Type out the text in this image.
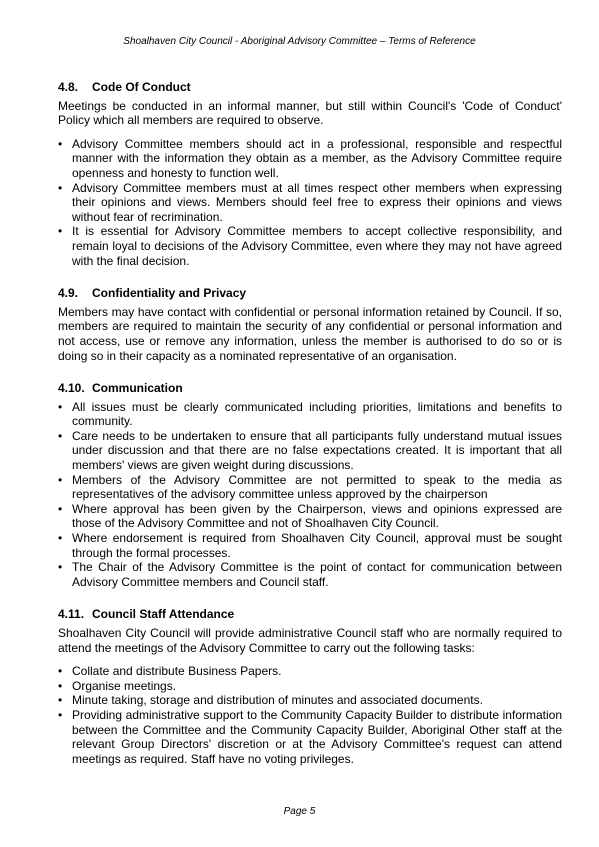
Shoalhaven City Council - Aboriginal Advisory Committee – Terms of Reference
4.8. Code Of Conduct

Meetings be conducted in an informal manner, but still within Council's 'Code of Conduct' Policy which all members are required to observe.

• Advisory Committee members should act in a professional, responsible and respectful manner with the information they obtain as a member, as the Advisory Committee require openness and honesty to function well.
• Advisory Committee members must at all times respect other members when expressing their opinions and views. Members should feel free to express their opinions and views without fear of recrimination.
• It is essential for Advisory Committee members to accept collective responsibility, and remain loyal to decisions of the Advisory Committee, even where they may not have agreed with the final decision.
4.9. Confidentiality and Privacy

Members may have contact with confidential or personal information retained by Council. If so, members are required to maintain the security of any confidential or personal information and not access, use or remove any information, unless the member is authorised to do so or is doing so in their capacity as a nominated representative of an organisation.

4.10. Communication
• All issues must be clearly communicated including priorities, limitations and benefits to community.
• Care needs to be undertaken to ensure that all participants fully understand mutual issues under discussion and that there are no false expectations created. It is important that all members' views are given weight during discussions.
• Members of the Advisory Committee are not permitted to speak to the media as representatives of the advisory committee unless approved by the chairperson
• Where approval has been given by the Chairperson, views and opinions expressed are those of the Advisory Committee and not of Shoalhaven City Council.
• Where endorsement is required from Shoalhaven City Council, approval must be sought through the formal processes.
• The Chair of the Advisory Committee is the point of contact for communication between Advisory Committee members and Council staff.
4.11. Council Staff Attendance

Shoalhaven City Council will provide administrative Council staff who are normally required to attend the meetings of the Advisory Committee to carry out the following tasks:

• Collate and distribute Business Papers.
• Organise meetings.
• Minute taking, storage and distribution of minutes and associated documents.
• Providing administrative support to the Community Capacity Builder to distribute information between the Committee and the Community Capacity Builder, Aboriginal Other staff at the relevant Group Directors' discretion or at the Advisory Committee's request can attend meetings as required. Staff have no voting privileges.
Page 5
